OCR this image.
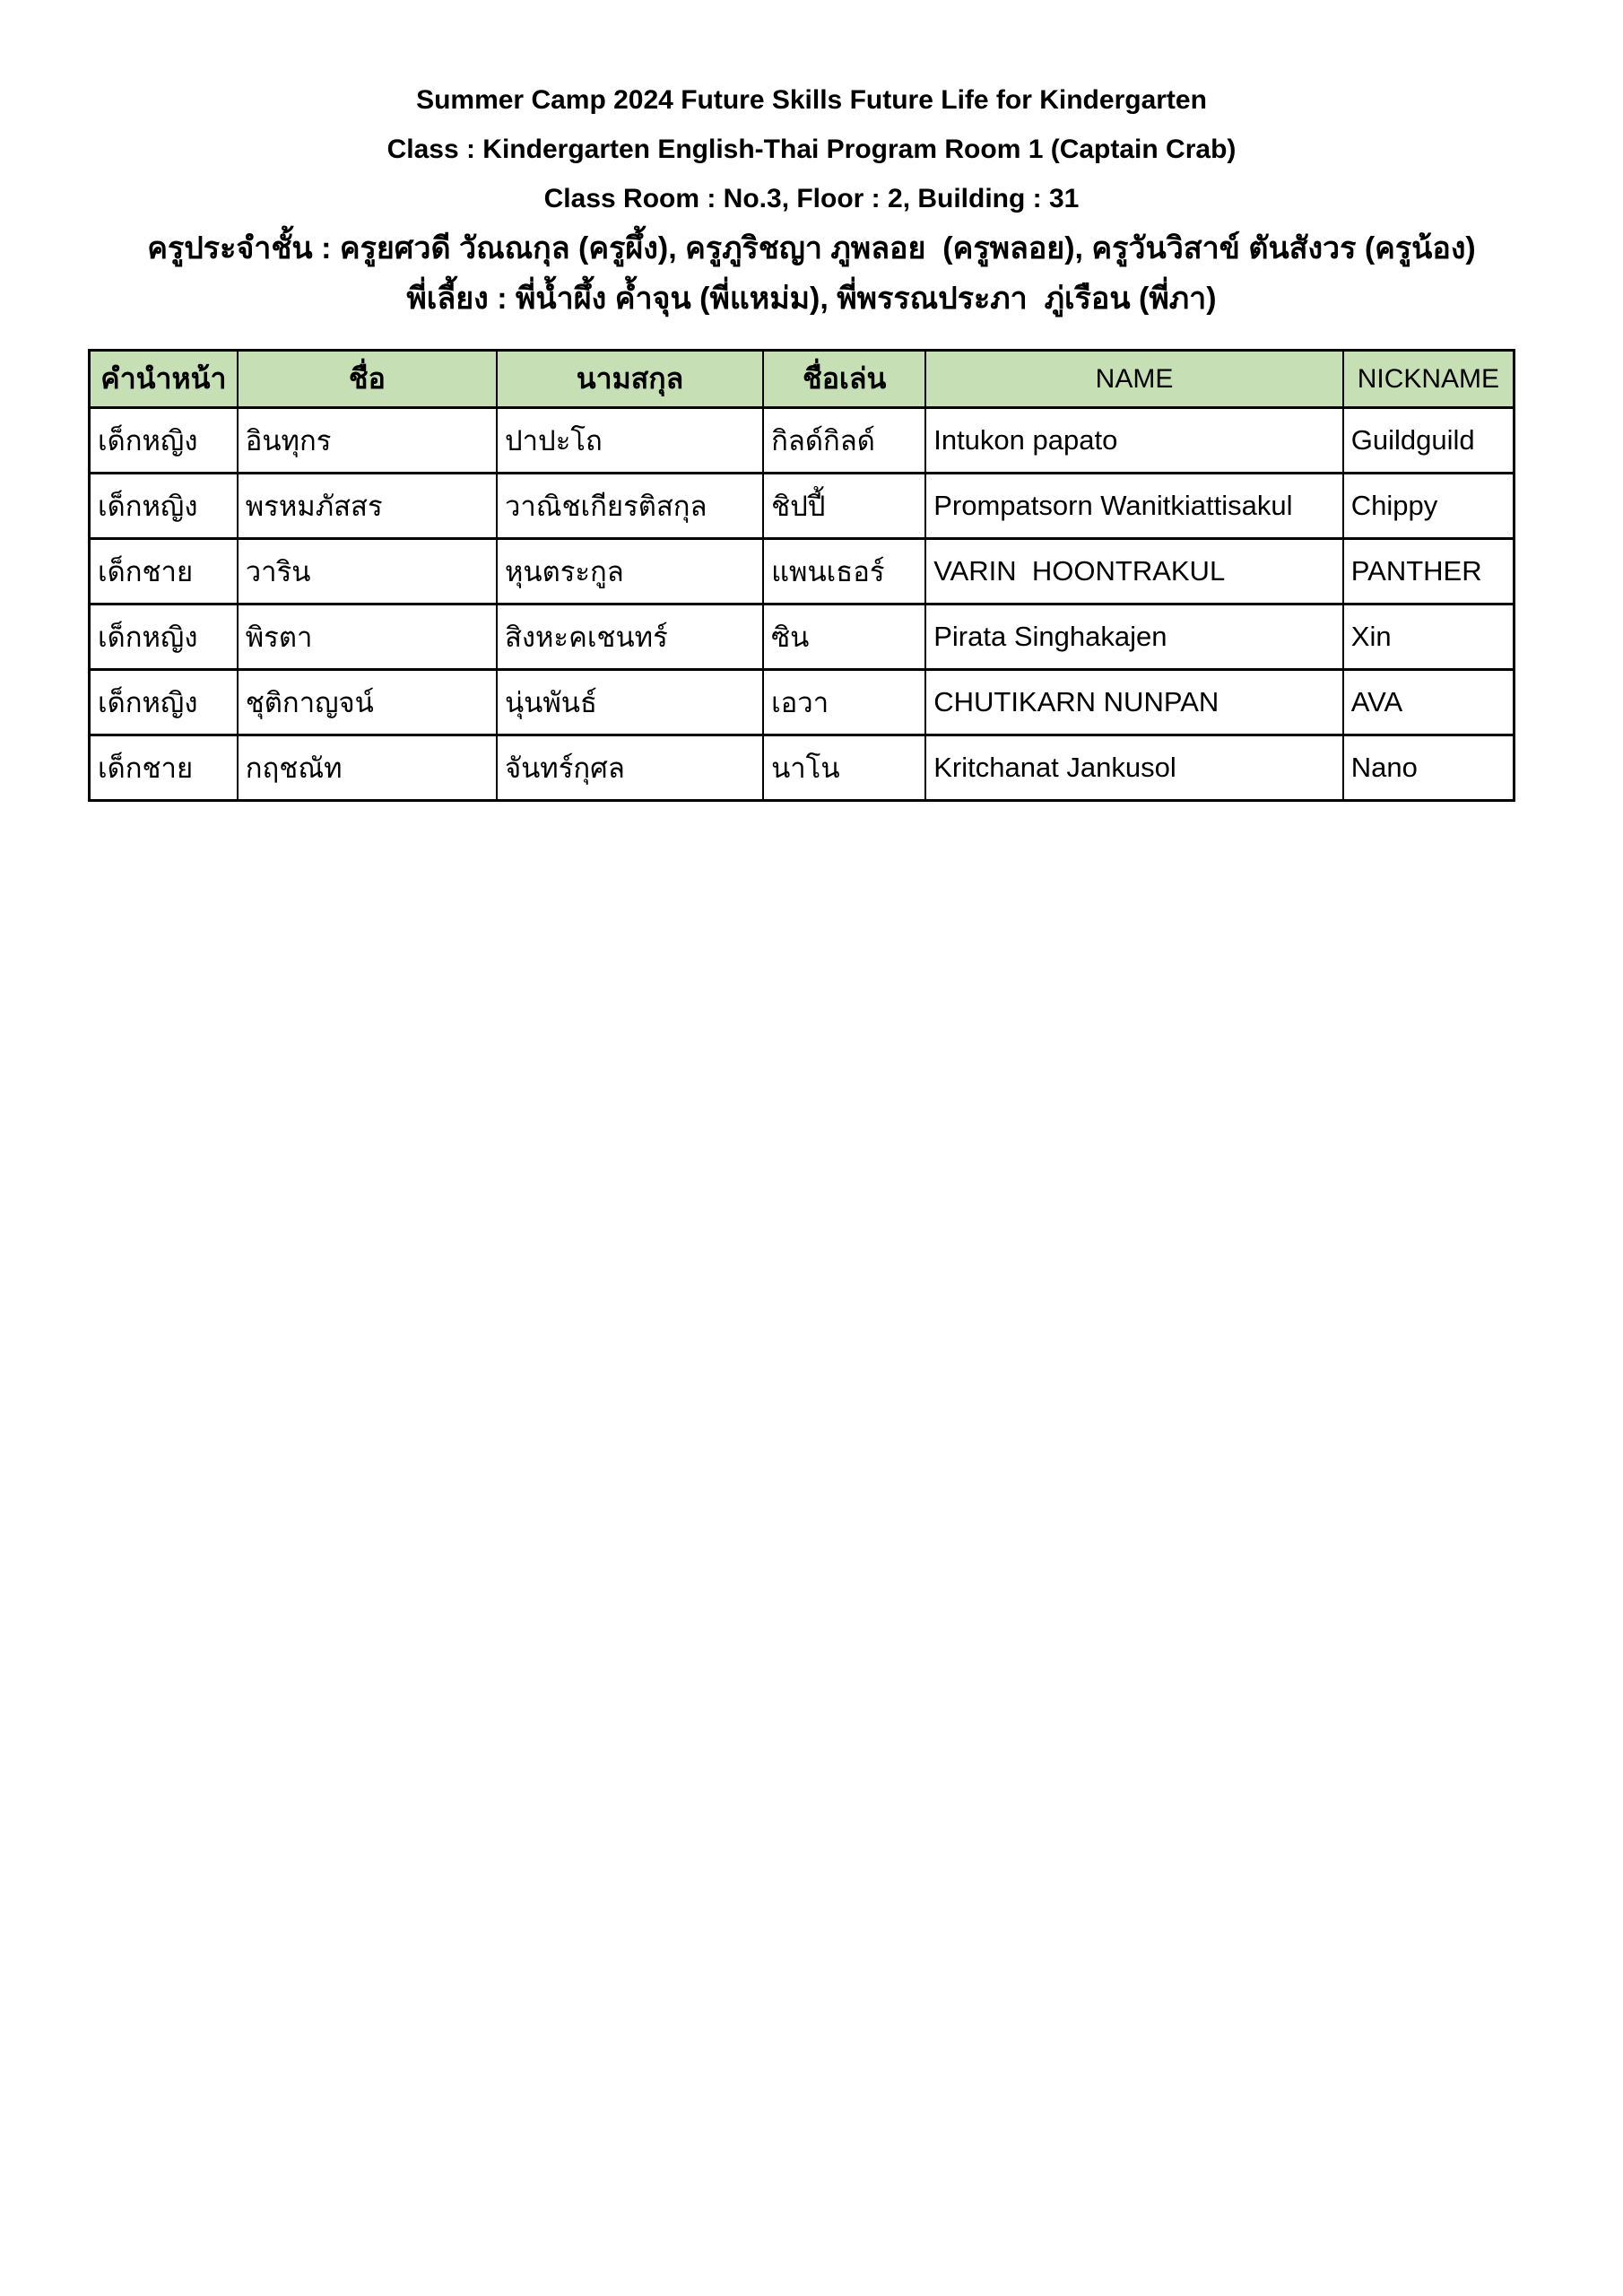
Summer Camp 2024 Future Skills Future Life for Kindergarten
Class : Kindergarten English-Thai Program Room 1 (Captain Crab)
Class Room : No.3, Floor : 2, Building : 31
ครูประจำชั้น : ครูยศวดี วัณณกุล (ครูผึ้ง), ครูภูริชญา ภูพลอย  (ครูพลอย), ครูวันวิสาข์ ตันสังวร (ครูน้อง)
พี่เลี้ยง : พี่น้ำผึ้ง ค้ำจุน (พี่แหม่ม), พี่พรรณประภา  ภู่เรือน (พี่ภา)
คำนำหน้า	ชื่อ	นามสกุล	ชื่อเล่น	NAME	NICKNAME
เด็กหญิง	อินทุกร	ปาปะโถ	กิลด์กิลด์	Intukon papato	Guildguild
เด็กหญิง	พรหมภัสสร	วาณิชเกียรติสกุล	ชิปปี้	Prompatsorn Wanitkiattisakul	Chippy
เด็กชาย	วาริน	หุนตระกูล	แพนเธอร์	VARIN  HOONTRAKUL	PANTHER
เด็กหญิง	พิรตา	สิงหะคเชนทร์	ซิน	Pirata Singhakajen	Xin
เด็กหญิง	ชุติกาญจน์	นุ่นพันธ์	เอวา	CHUTIKARN NUNPAN	AVA
เด็กชาย	กฤชณัท	จันทร์กุศล	นาโน	Kritchanat Jankusol	Nano
